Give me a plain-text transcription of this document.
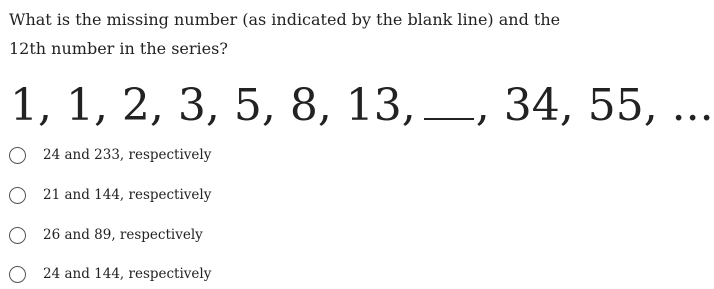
What is the missing number (as indicated by the blank line) and the 12th number in the series?

1, 1, 2, 3, 5, 8, 13, , 34, 55, ...
24 and 233, respectively
21 and 144, respectively
26 and 89, respectively
24 and 144, respectively
